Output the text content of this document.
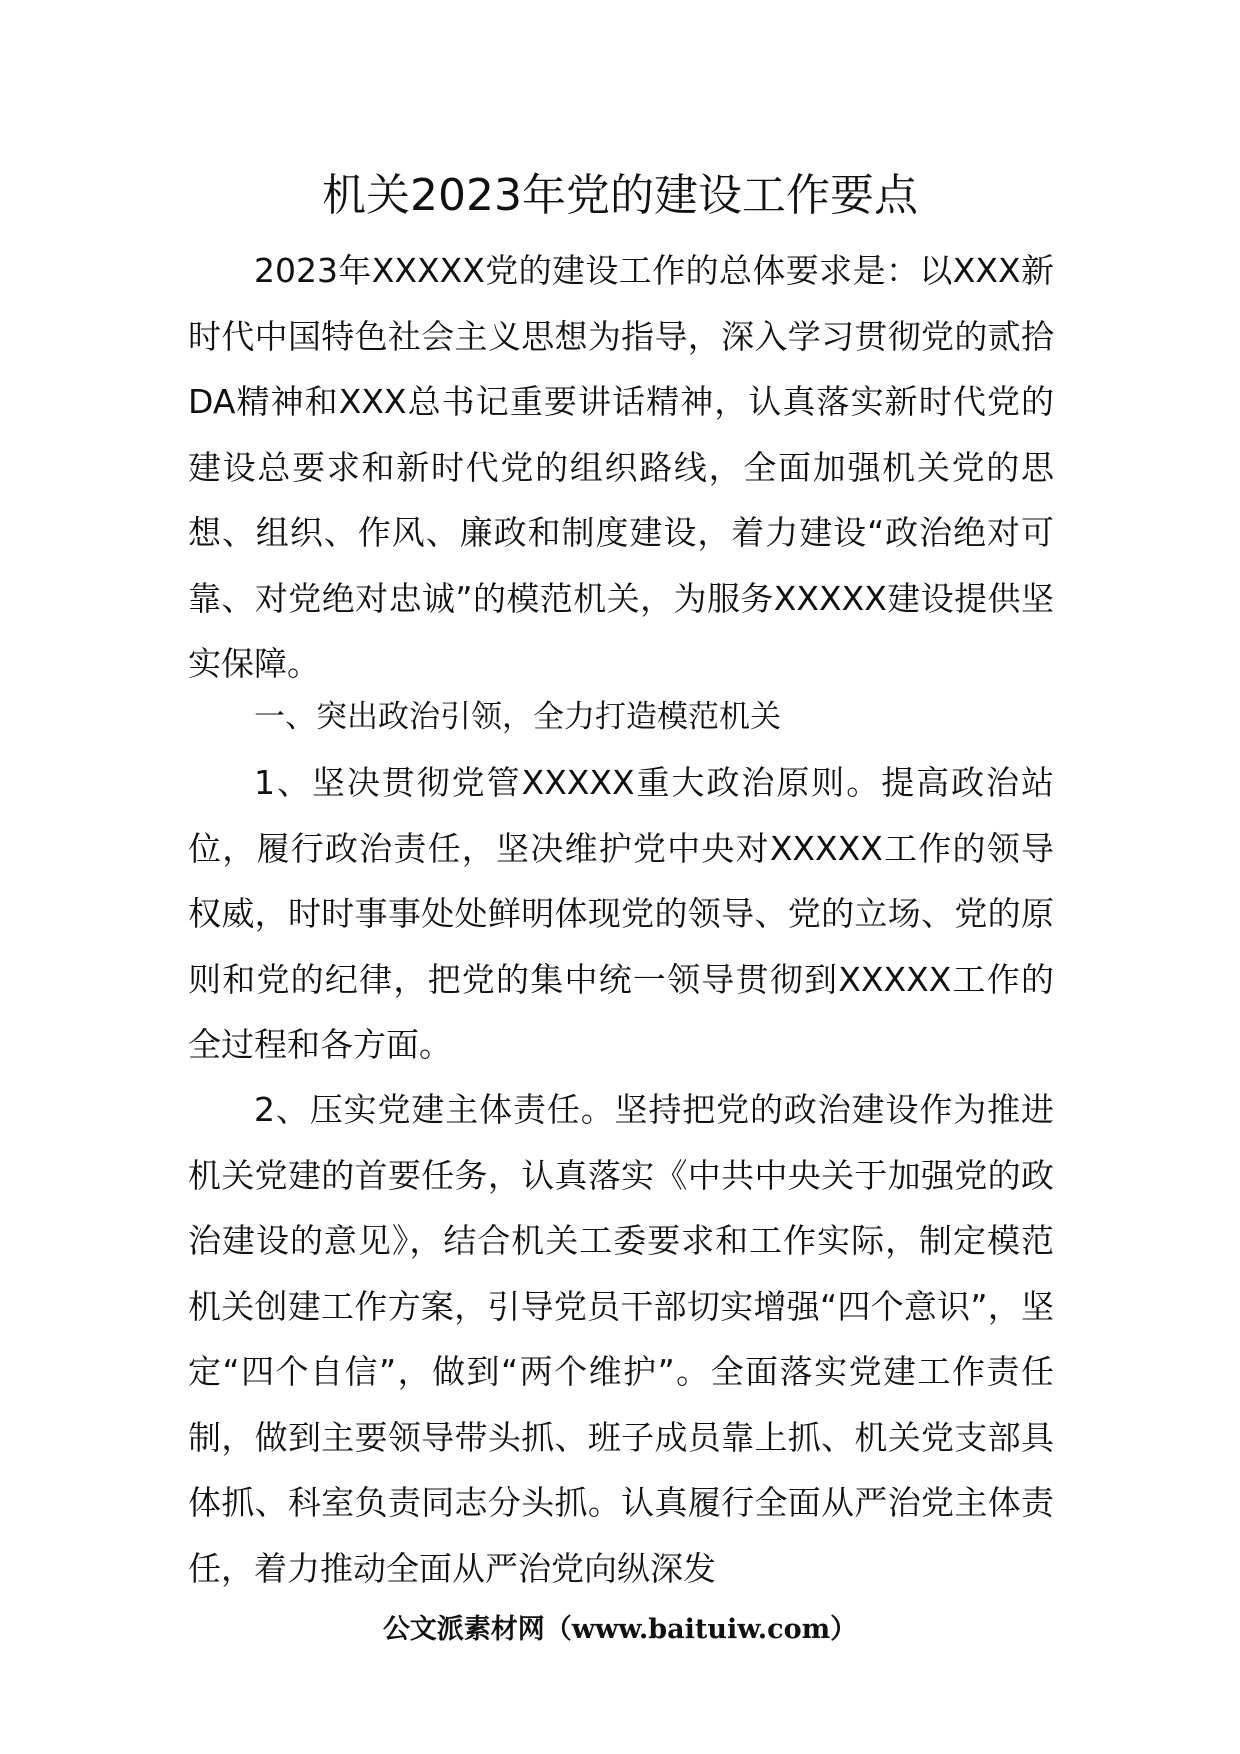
机关2023年党的建设工作要点

2023年XXXXX党的建设工作的总体要求是：以XXX新时代中国特色社会主义思想为指导，深入学习贯彻党的贰拾DA精神和XXX总书记重要讲话精神，认真落实新时代党的建设总要求和新时代党的组织路线，全面加强机关党的思想、组织、作风、廉政和制度建设，着力建设“政治绝对可靠、对党绝对忠诚”的模范机关，为服务XXXXX建设提供坚实保障。

一、突出政治引领，全力打造模范机关

1、坚决贯彻党管XXXXX重大政治原则。提高政治站位，履行政治责任，坚决维护党中央对XXXXX工作的领导权威，时时事事处处鲜明体现党的领导、党的立场、党的原则和党的纪律，把党的集中统一领导贯彻到XXXXX工作的全过程和各方面。

2、压实党建主体责任。坚持把党的政治建设作为推进机关党建的首要任务，认真落实《中共中央关于加强党的政治建设的意见》，结合机关工委要求和工作实际，制定模范机关创建工作方案，引导党员干部切实增强“四个意识”，坚定“四个自信”，做到“两个维护”。全面落实党建工作责任制，做到主要领导带头抓、班子成员靠上抓、机关党支部具体抓、科室负责同志分头抓。认真履行全面从严治党主体责任，着力推动全面从严治党向纵深发

公文派素材网（www.baituiw.com）
